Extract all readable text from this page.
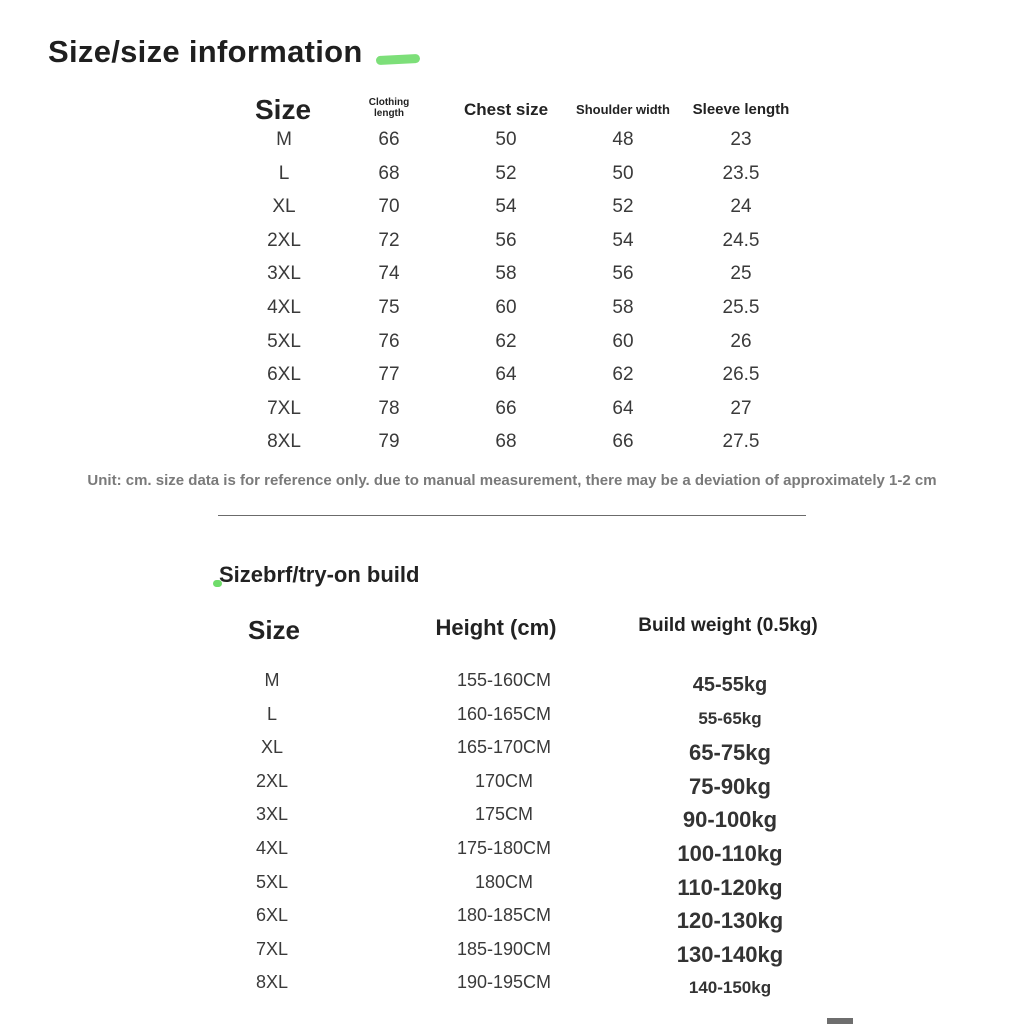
Size/size information
Size	Clothing length	Chest size	Shoulder width	Sleeve length
M	66	50	48	23
L	68	52	50	23.5
XL	70	54	52	24
2XL	72	56	54	24.5
3XL	74	58	56	25
4XL	75	60	58	25.5
5XL	76	62	60	26
6XL	77	64	62	26.5
7XL	78	66	64	27
8XL	79	68	66	27.5
Unit: cm. size data is for reference only. due to manual measurement, there may be a deviation of approximately 1-2 cm
Sizebrf/try-on build
Size	Height (cm)	Build weight (0.5kg)
M	155-160CM	45-55kg
L	160-165CM	55-65kg
XL	165-170CM	65-75kg
2XL	170CM	75-90kg
3XL	175CM	90-100kg
4XL	175-180CM	100-110kg
5XL	180CM	110-120kg
6XL	180-185CM	120-130kg
7XL	185-190CM	130-140kg
8XL	190-195CM	140-150kg
